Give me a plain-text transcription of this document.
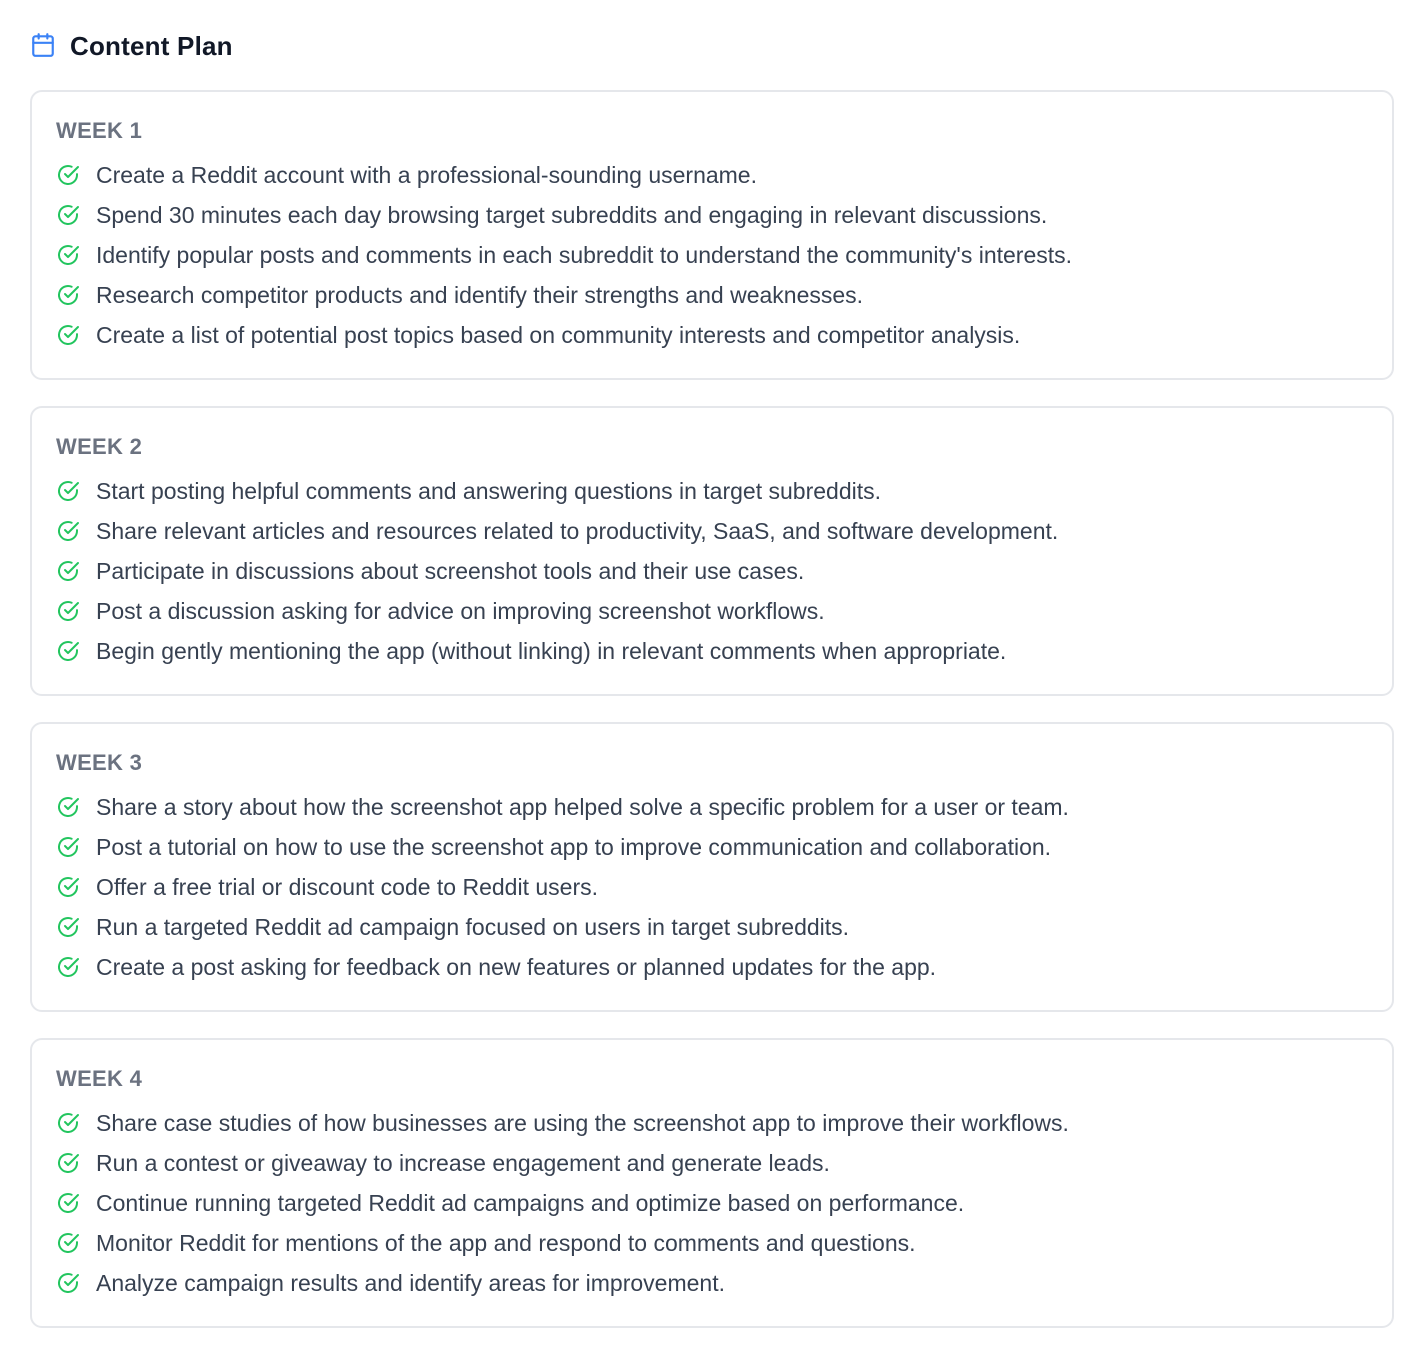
Content Plan
WEEK 1
Create a Reddit account with a professional-sounding username.
Spend 30 minutes each day browsing target subreddits and engaging in relevant discussions.
Identify popular posts and comments in each subreddit to understand the community's interests.
Research competitor products and identify their strengths and weaknesses.
Create a list of potential post topics based on community interests and competitor analysis.
WEEK 2
Start posting helpful comments and answering questions in target subreddits.
Share relevant articles and resources related to productivity, SaaS, and software development.
Participate in discussions about screenshot tools and their use cases.
Post a discussion asking for advice on improving screenshot workflows.
Begin gently mentioning the app (without linking) in relevant comments when appropriate.
WEEK 3
Share a story about how the screenshot app helped solve a specific problem for a user or team.
Post a tutorial on how to use the screenshot app to improve communication and collaboration.
Offer a free trial or discount code to Reddit users.
Run a targeted Reddit ad campaign focused on users in target subreddits.
Create a post asking for feedback on new features or planned updates for the app.
WEEK 4
Share case studies of how businesses are using the screenshot app to improve their workflows.
Run a contest or giveaway to increase engagement and generate leads.
Continue running targeted Reddit ad campaigns and optimize based on performance.
Monitor Reddit for mentions of the app and respond to comments and questions.
Analyze campaign results and identify areas for improvement.
